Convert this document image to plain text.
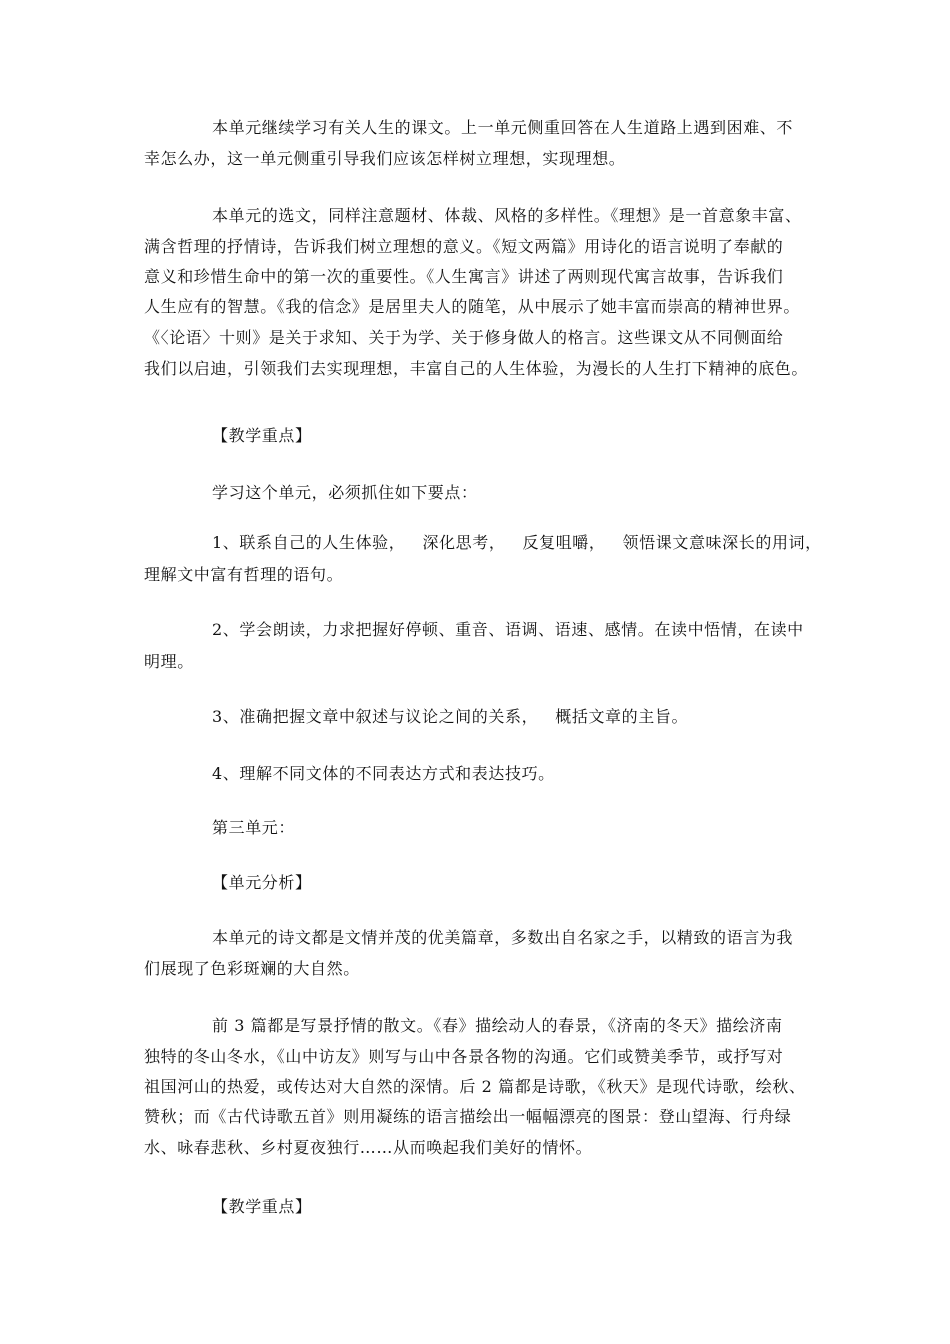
本单元继续学习有关人生的课文。上一单元侧重回答在人生道路上遇到困难、不
幸怎么办，这一单元侧重引导我们应该怎样树立理想，实现理想。
本单元的选文，同样注意题材、体裁、风格的多样性。《理想》是一首意象丰富、
满含哲理的抒情诗，告诉我们树立理想的意义。《短文两篇》用诗化的语言说明了奉献的
意义和珍惜生命中的第一次的重要性。《人生寓言》讲述了两则现代寓言故事，告诉我们
人生应有的智慧。《我的信念》是居里夫人的随笔，从中展示了她丰富而崇高的精神世界。
《〈论语〉十则》是关于求知、关于为学、关于修身做人的格言。这些课文从不同侧面给
我们以启迪，引领我们去实现理想，丰富自己的人生体验，为漫长的人生打下精神的底色。
【教学重点】
学习这个单元，必须抓住如下要点：
1、联系自己的人生体验，   深化思考，   反复咀嚼，   领悟课文意味深长的用词，
理解文中富有哲理的语句。
2、学会朗读，力求把握好停顿、重音、语调、语速、感情。在读中悟情，在读中
明理。
3、准确把握文章中叙述与议论之间的关系，   概括文章的主旨。
4、理解不同文体的不同表达方式和表达技巧。
第三单元：
【单元分析】
本单元的诗文都是文情并茂的优美篇章，多数出自名家之手，以精致的语言为我
们展现了色彩斑斓的大自然。
前 3 篇都是写景抒情的散文。《春》描绘动人的春景，《济南的冬天》描绘济南
独特的冬山冬水，《山中访友》则写与山中各景各物的沟通。它们或赞美季节，或抒写对
祖国河山的热爱，或传达对大自然的深情。后 2 篇都是诗歌，《秋天》是现代诗歌，绘秋、
赞秋；而《古代诗歌五首》则用凝练的语言描绘出一幅幅漂亮的图景：登山望海、行舟绿
水、咏春悲秋、乡村夏夜独行……从而唤起我们美好的情怀。
【教学重点】
